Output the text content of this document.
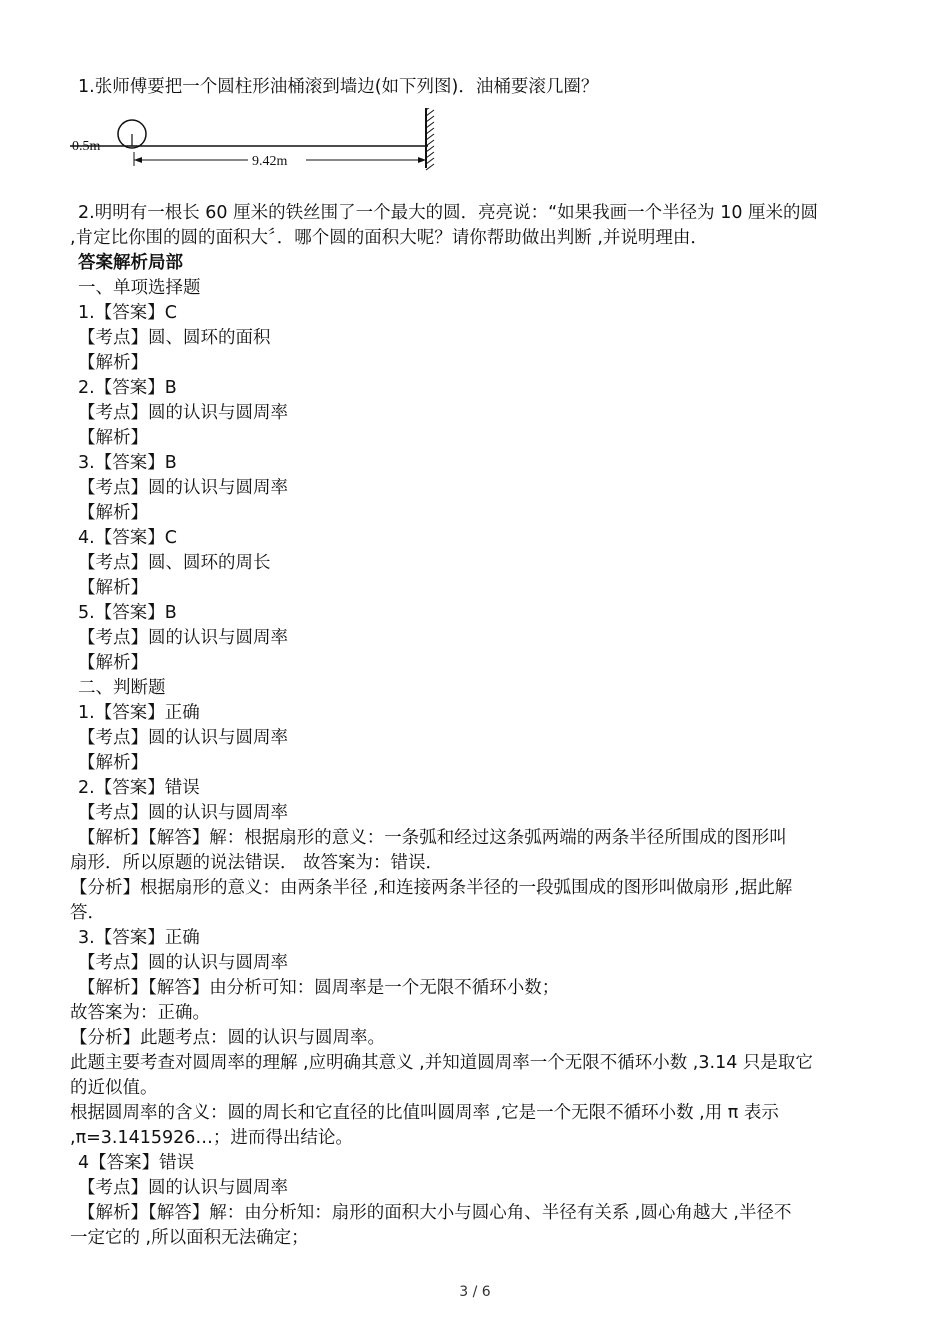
1.张师傅要把一个圆柱形油桶滚到墙边(如下列图)．油桶要滚几圈？
0.5m
9.42m
2.明明有一根长 60 厘米的铁丝围了一个最大的圆．亮亮说：“如果我画一个半径为 10 厘米的圆
,肯定比你围的圆的面积大〞．哪个圆的面积大呢？请你帮助做出判断 ,并说明理由．
答案解析局部
一、单项选择题
1.【答案】C
【考点】圆、圆环的面积
【解析】
2.【答案】B
【考点】圆的认识与圆周率
【解析】
3.【答案】B
【考点】圆的认识与圆周率
【解析】
4.【答案】C
【考点】圆、圆环的周长
【解析】
5.【答案】B
【考点】圆的认识与圆周率
【解析】
二、判断题
1.【答案】正确
【考点】圆的认识与圆周率
【解析】
2.【答案】错误
【考点】圆的认识与圆周率
【解析】【解答】解：根据扇形的意义：一条弧和经过这条弧两端的两条半径所围成的图形叫
扇形．所以原题的说法错误． 故答案为：错误．
【分析】根据扇形的意义：由两条半径 ,和连接两条半径的一段弧围成的图形叫做扇形 ,据此解
答．
3.【答案】正确
【考点】圆的认识与圆周率
【解析】【解答】由分析可知：圆周率是一个无限不循环小数；
故答案为：正确。
【分析】此题考点：圆的认识与圆周率。
此题主要考查对圆周率的理解 ,应明确其意义 ,并知道圆周率一个无限不循环小数 ,3.14 只是取它
的近似值。
根据圆周率的含义：圆的周长和它直径的比值叫圆周率 ,它是一个无限不循环小数 ,用 π 表示
,π=3.1415926…；进而得出结论。
4【答案】错误
【考点】圆的认识与圆周率
【解析】【解答】解：由分析知：扇形的面积大小与圆心角、半径有关系 ,圆心角越大 ,半径不
一定它的 ,所以面积无法确定；
3 / 6
